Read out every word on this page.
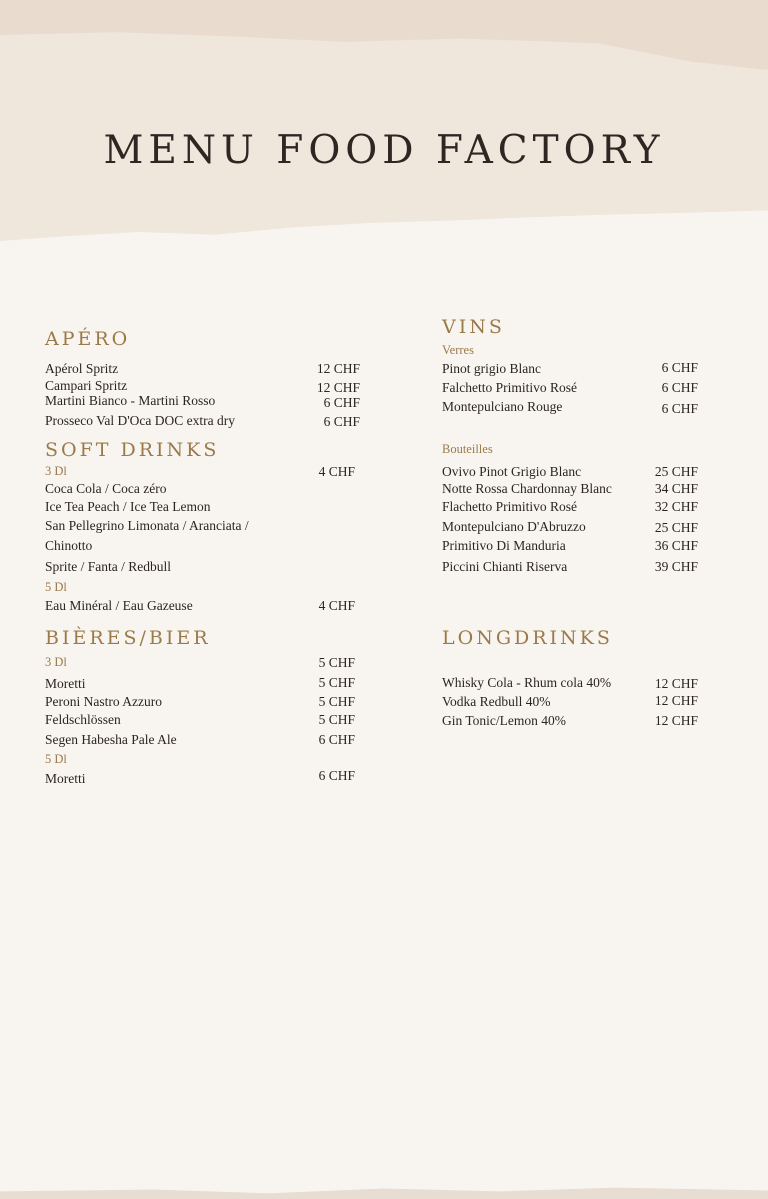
MENU FOOD FACTORY
APÉRO
Apérol Spritz	12 CHF
Campari Spritz	12 CHF
Martini Bianco - Martini Rosso	6 CHF
Prosseco Val D'Oca DOC extra dry	6 CHF
SOFT DRINKS
3 Dl	4 CHF
Coca Cola / Coca zéro
Ice Tea Peach / Ice Tea Lemon
San Pellegrino Limonata / Aranciata /
Chinotto
Sprite / Fanta / Redbull
5 Dl
Eau Minéral / Eau Gazeuse	4 CHF
BIÈRES/BIER
3 Dl	5 CHF
Moretti	5 CHF
Peroni Nastro Azzuro	5 CHF
Feldschlössen	5 CHF
Segen Habesha Pale Ale	6 CHF
5 Dl
Moretti	6 CHF
VINS
Verres
Pinot grigio Blanc	6 CHF
Falchetto Primitivo Rosé	6 CHF
Montepulciano Rouge	6 CHF
Bouteilles
Ovivo Pinot Grigio Blanc	25 CHF
Notte Rossa Chardonnay Blanc	34 CHF
Flachetto Primitivo Rosé	32 CHF
Montepulciano D'Abruzzo	25 CHF
Primitivo Di Manduria	36 CHF
Piccini Chianti Riserva	39 CHF
LONGDRINKS
Whisky Cola - Rhum cola 40%	12 CHF
Vodka Redbull 40%	12 CHF
Gin Tonic/Lemon 40%	12 CHF
